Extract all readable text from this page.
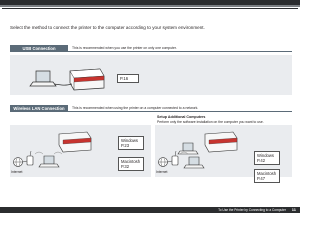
Select the method to connect the printer to the computer according to your system environment.
USB Connection	This is recommended when you use the printer on only one computer.
P.16
Wireless LAN Connection	This is recommended when using the printer on a computer connected to a network.
Setup Additional Computers
Perform only the software installation on the computer you want to use.
Internet
Windows
P.23
Macintosh
P.32
Internet
Windows
P.42
Macintosh
P.47
To Use the Printer by Connecting to a Computer 11
